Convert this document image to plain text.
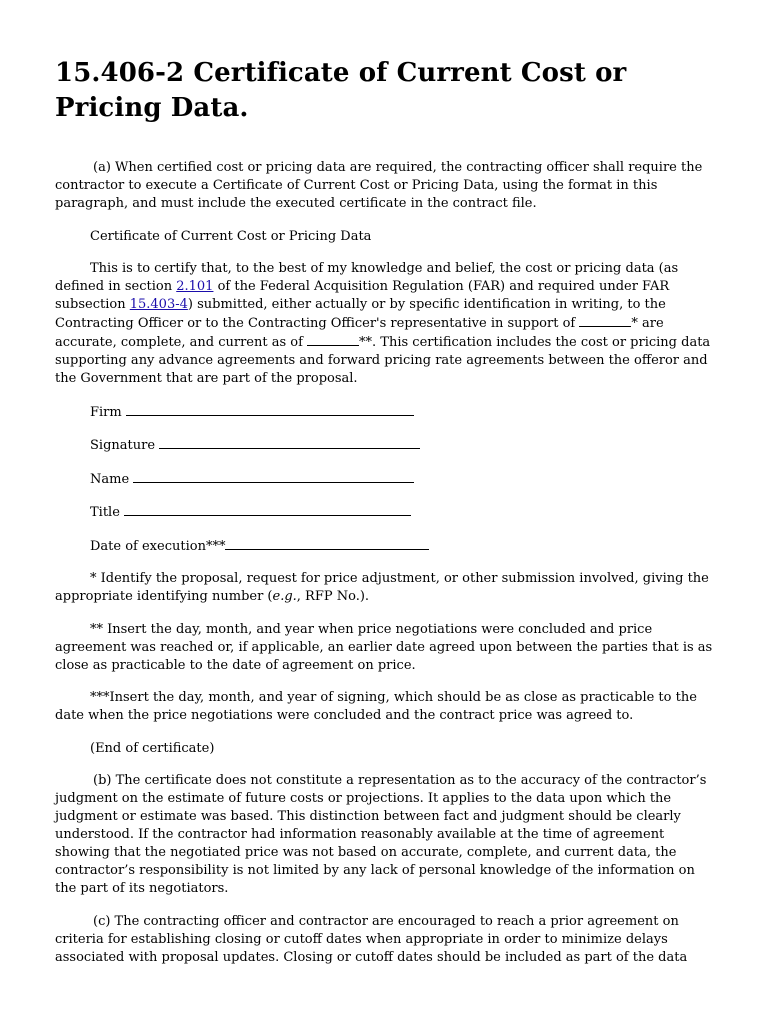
15.406-2 Certificate of Current Cost or Pricing Data.

(a) When certified cost or pricing data are required, the contracting officer shall require the contractor to execute a Certificate of Current Cost or Pricing Data, using the format in this paragraph, and must include the executed certificate in the contract file.

Certificate of Current Cost or Pricing Data

This is to certify that, to the best of my knowledge and belief, the cost or pricing data (as defined in section 2.101 of the Federal Acquisition Regulation (FAR) and required under FAR subsection 15.403-4) submitted, either actually or by specific identification in writing, to the Contracting Officer or to the Contracting Officer's representative in support of	* are accurate, complete, and current as of	**. This certification includes the cost or pricing data supporting any advance agreements and forward pricing rate agreements between the offeror and the Government that are part of the proposal.

Firm

Signature

Name

Title

Date of execution***

* Identify the proposal, request for price adjustment, or other submission involved, giving the appropriate identifying number (e.g., RFP No.).

** Insert the day, month, and year when price negotiations were concluded and price agreement was reached or, if applicable, an earlier date agreed upon between the parties that is as close as practicable to the date of agreement on price.

***Insert the day, month, and year of signing, which should be as close as practicable to the date when the price negotiations were concluded and the contract price was agreed to.

(End of certificate)

(b) The certificate does not constitute a representation as to the accuracy of the contractor’s judgment on the estimate of future costs or projections. It applies to the data upon which the judgment or estimate was based. This distinction between fact and judgment should be clearly understood. If the contractor had information reasonably available at the time of agreement showing that the negotiated price was not based on accurate, complete, and current data, the contractor’s responsibility is not limited by any lack of personal knowledge of the information on the part of its negotiators.

(c) The contracting officer and contractor are encouraged to reach a prior agreement on criteria for establishing closing or cutoff dates when appropriate in order to minimize delays associated with proposal updates. Closing or cutoff dates should be included as part of the data
